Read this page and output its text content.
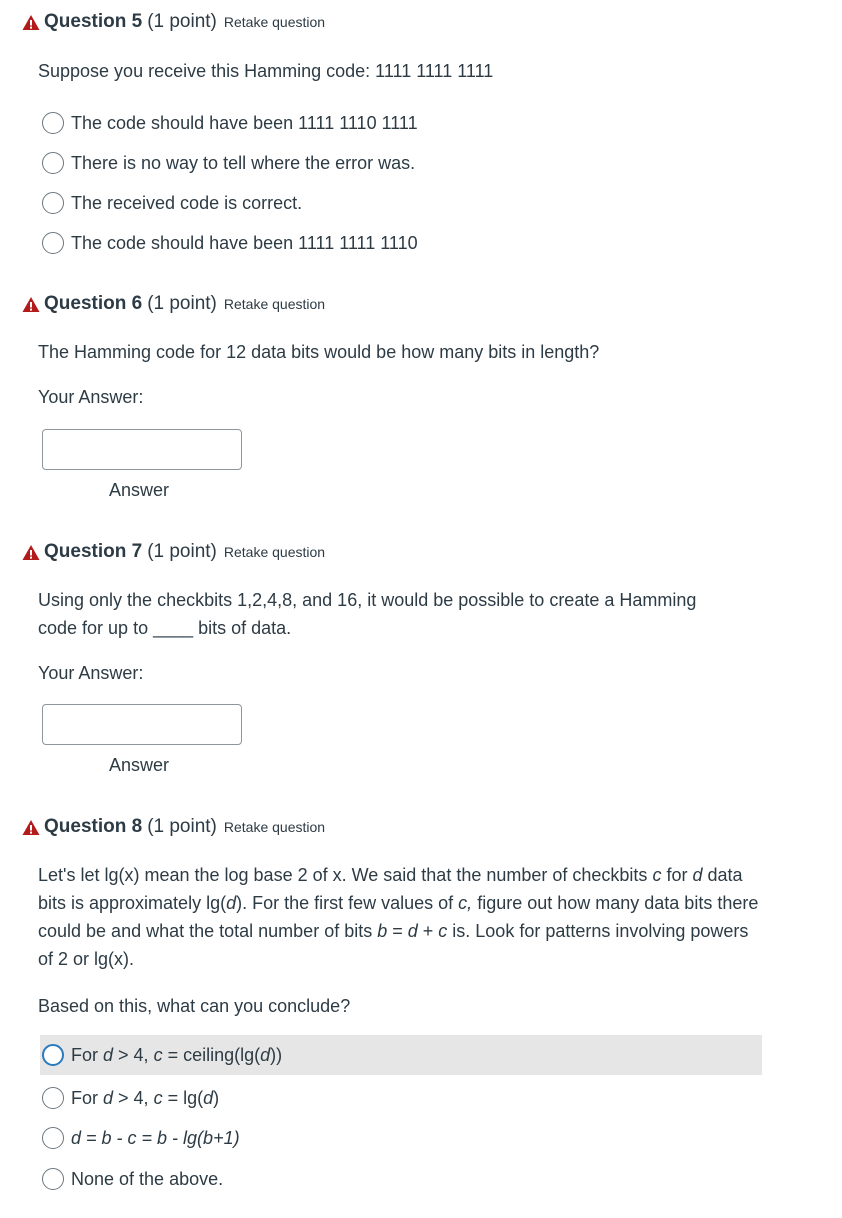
Question 5 (1 point) Retake question
Suppose you receive this Hamming code: 1111 1111 1111
The code should have been 1111 1110 1111
There is no way to tell where the error was.
The received code is correct.
The code should have been 1111 1111 1110
Question 6 (1 point) Retake question
The Hamming code for 12 data bits would be how many bits in length?
Your Answer:
Answer
Question 7 (1 point) Retake question
Using only the checkbits 1,2,4,8, and 16, it would be possible to create a Hamming
code for up to ____ bits of data.
Your Answer:
Answer
Question 8 (1 point) Retake question
Let's let lg(x) mean the log base 2 of x. We said that the number of checkbits c for d data bits is approximately lg(d). For the first few values of c, figure out how many data bits there could be and what the total number of bits b = d + c is. Look for patterns involving powers of 2 or lg(x).
Based on this, what can you conclude?
For d > 4, c = ceiling(lg(d))
For d > 4, c = lg(d)
d = b - c = b - lg(b+1)
None of the above.
